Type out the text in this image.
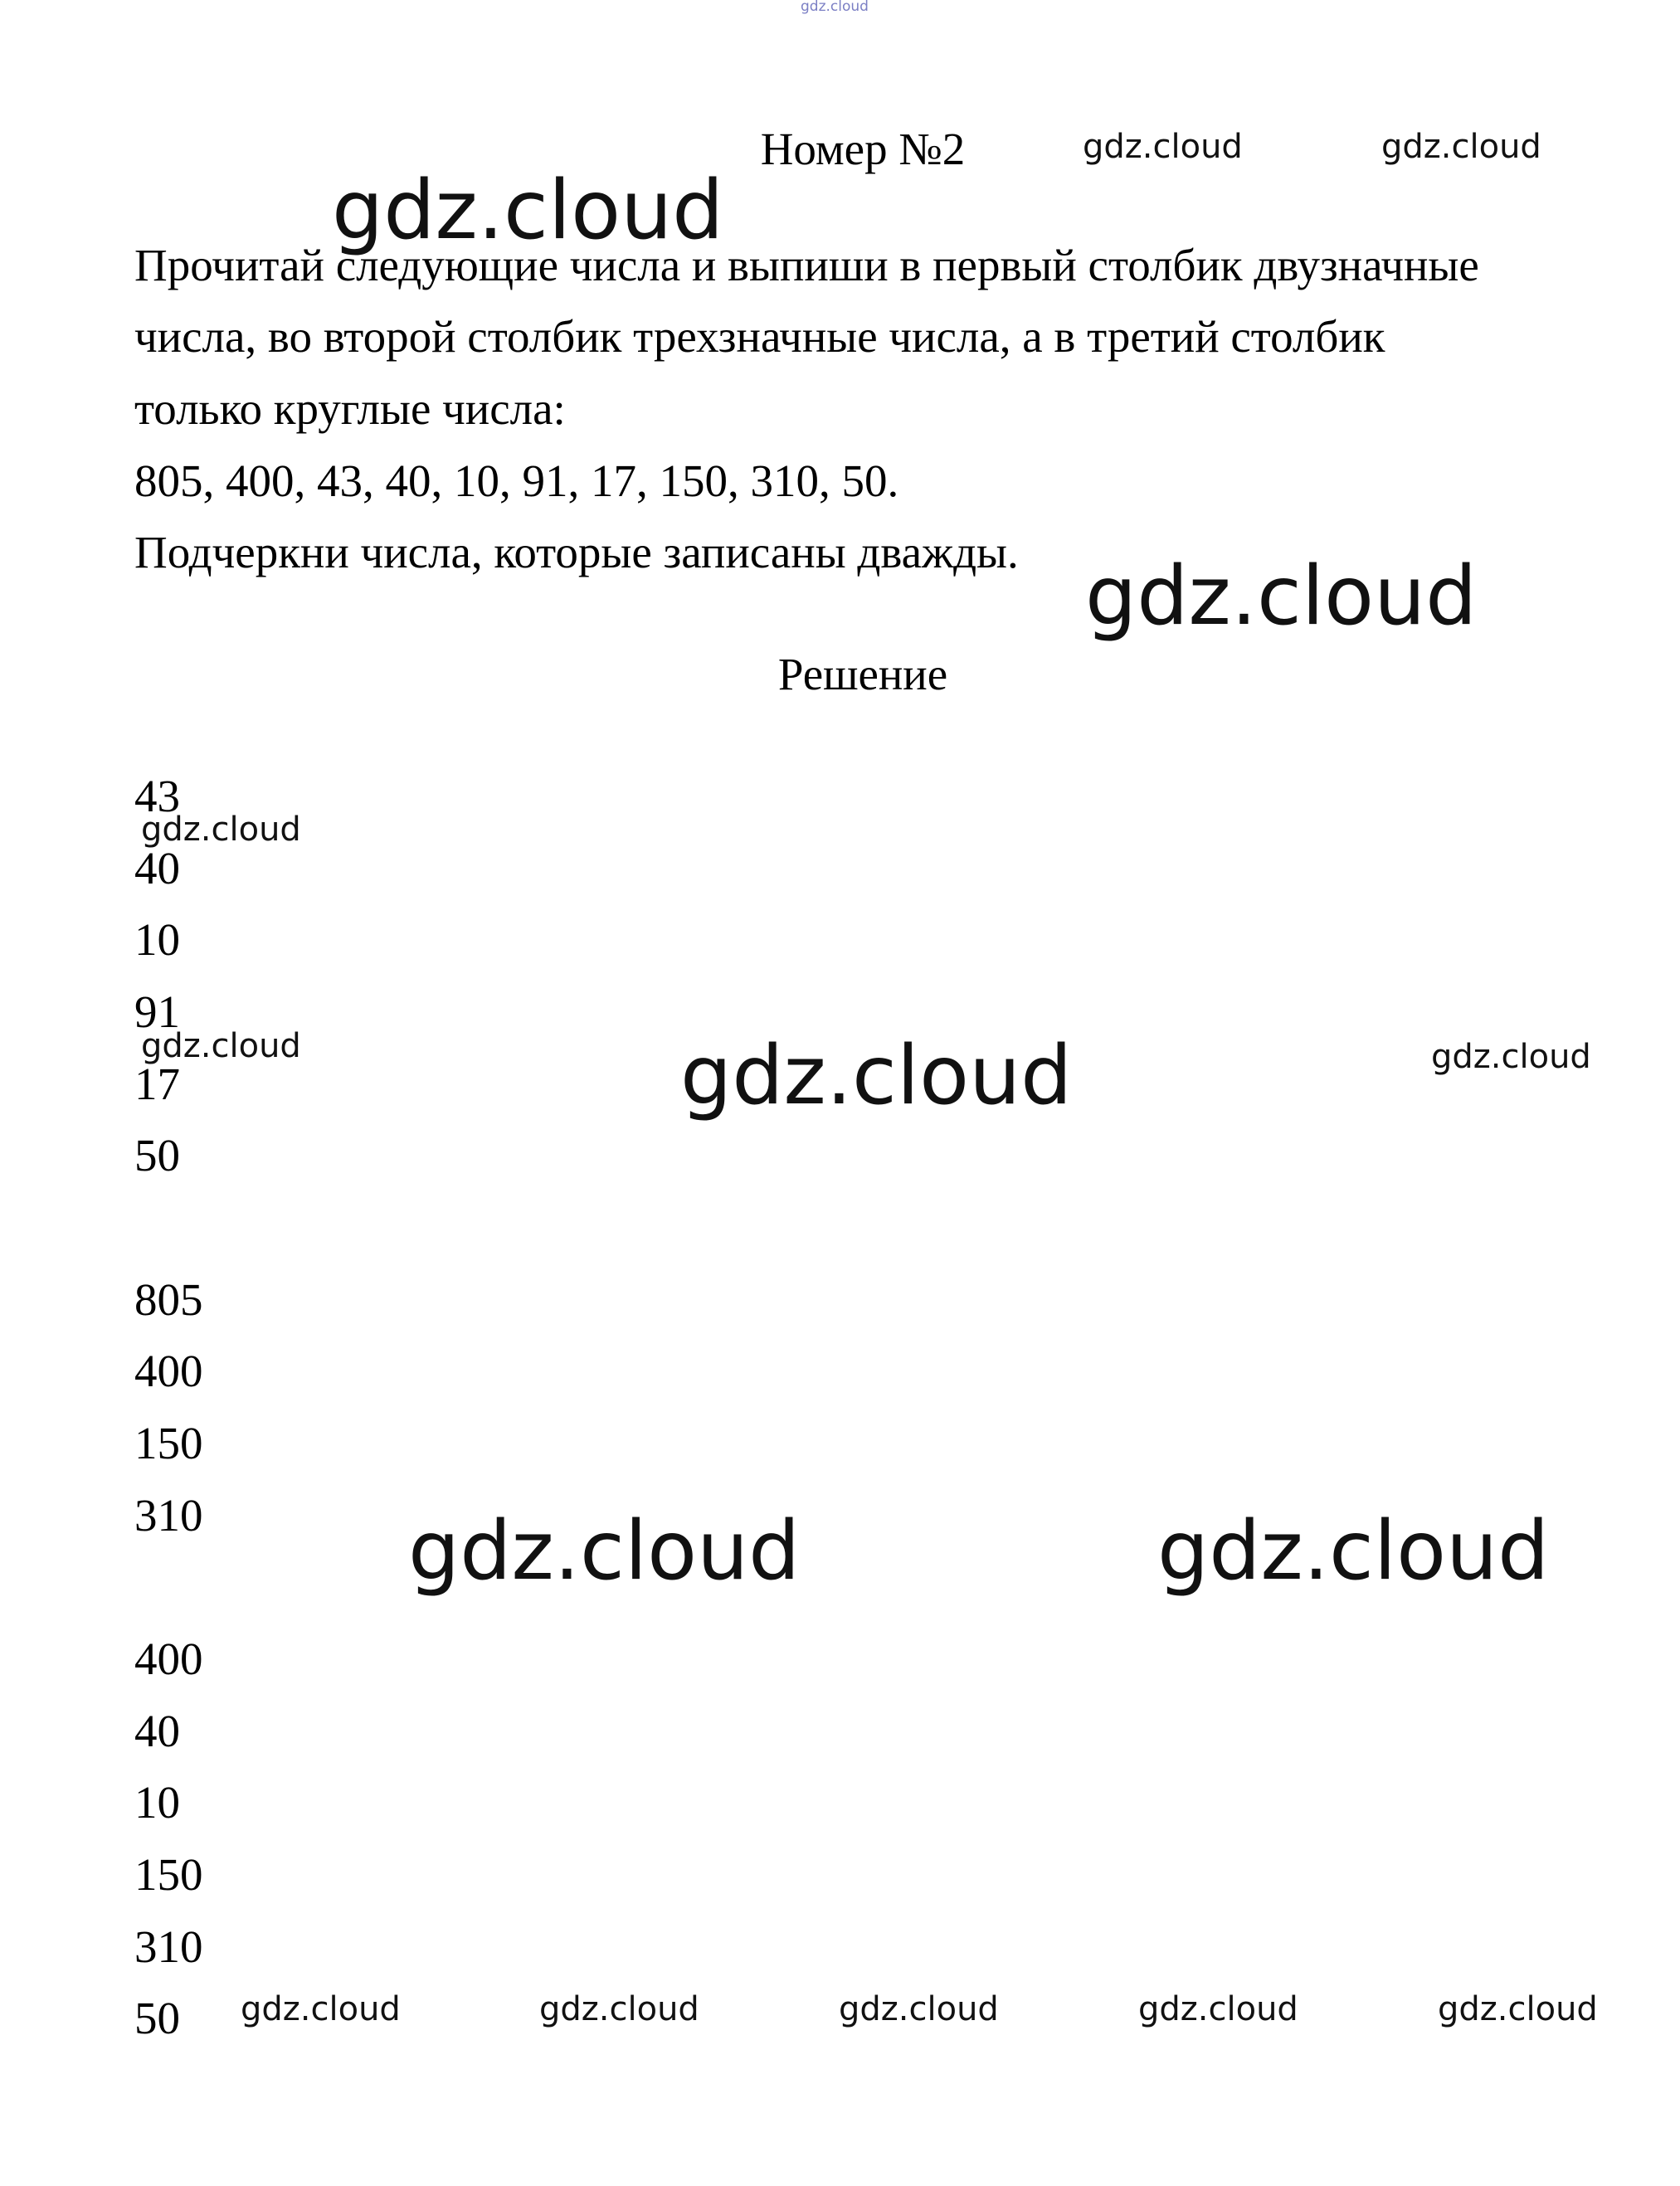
gdz.cloud
Номер №2
Прочитай следующие числа и выпиши в первый столбик двузначные
числа, во второй столбик трехзначные числа, а в третий столбик
только круглые числа:
805, 400, 43, 40, 10, 91, 17, 150, 310, 50.
Подчеркни числа, которые записаны дважды.
Решение
43
40
10
91
17
50
805
400
150
310
400
40
10
150
310
50
gdz.cloud	gdz.cloud
gdz.cloud
gdz.cloud
gdz.cloud
gdz.cloud	gdz.cloud	gdz.cloud
gdz.cloud	gdz.cloud
gdz.cloud	gdz.cloud	gdz.cloud	gdz.cloud	gdz.cloud
